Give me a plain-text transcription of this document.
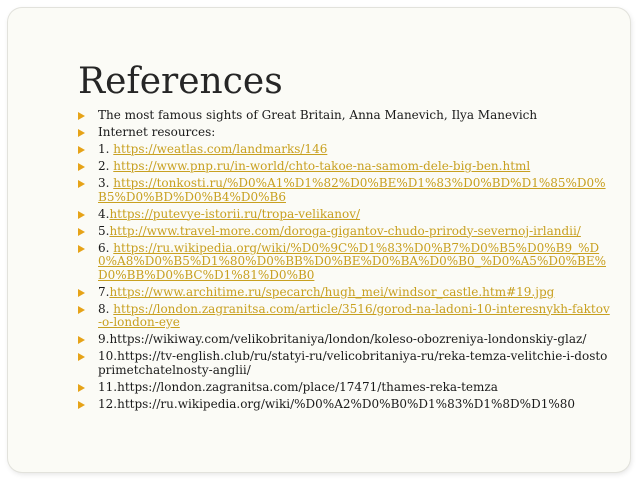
References
The most famous sights of Great Britain, Anna Manevich, Ilya Manevich
Internet resources:
1. https://weatlas.com/landmarks/146
2. https://www.pnp.ru/in-world/chto-takoe-na-samom-dele-big-ben.html
3. https://tonkosti.ru/%D0%A1%D1%82%D0%BE%D1%83%D0%BD%D1%85%D0%B5%D0%BD%D0%B4%D0%B6
4.https://putevye-istorii.ru/tropa-velikanov/
5.http://www.travel-more.com/doroga-gigantov-chudo-prirody-severnoj-irlandii/
6. https://ru.wikipedia.org/wiki/%D0%9C%D1%83%D0%B7%D0%B5%D0%B9_%D0%A8%D0%B5%D1%80%D0%BB%D0%BE%D0%BA%D0%B0_%D0%A5%D0%BE%D0%BB%D0%BC%D1%81%D0%B0
7.https://www.architime.ru/specarch/hugh_mei/windsor_castle.htm#19.jpg
8. https://london.zagranitsa.com/article/3516/gorod-na-ladoni-10-interesnykh-faktov-o-london-eye
9.https://wikiway.com/velikobritaniya/london/koleso-obozreniya-londonskiy-glaz/
10.https://tv-english.club/ru/statyi-ru/velicobritaniya-ru/reka-temza-velitchie-i-dostoprimetchatelnosty-anglii/
11.https://london.zagranitsa.com/place/17471/thames-reka-temza
12.https://ru.wikipedia.org/wiki/%D0%A2%D0%B0%D1%83%D1%8D%D1%80
